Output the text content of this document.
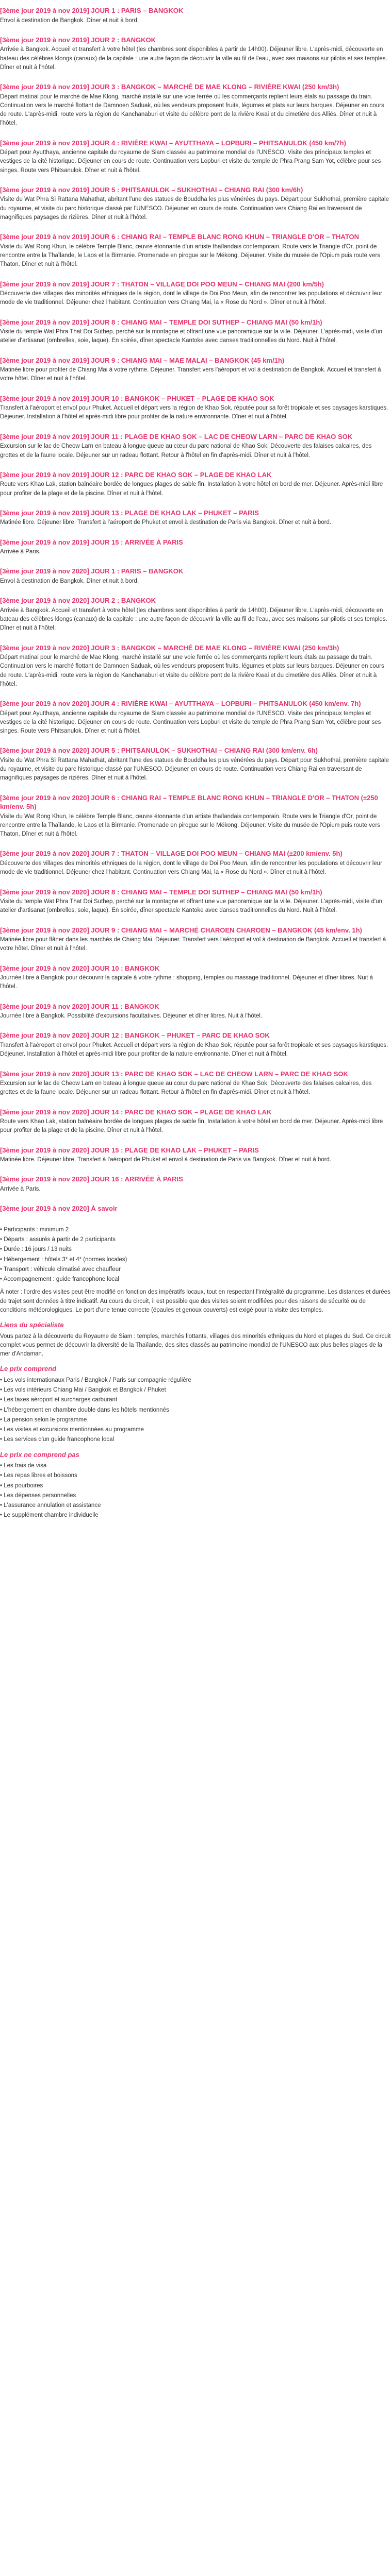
[3ème jour 2019 à nov 2019] JOUR 1 : PARIS – BANGKOK

Envol à destination de Bangkok. Dîner et nuit à bord.

[3ème jour 2019 à nov 2019] JOUR 2 : BANGKOK

Arrivée à Bangkok. Accueil et transfert à votre hôtel (les chambres sont disponibles à partir de 14h00). Déjeuner libre. L'après-midi, découverte en bateau des célèbres klongs (canaux) de la capitale : une autre façon de découvrir la ville au fil de l'eau, avec ses maisons sur pilotis et ses temples. Dîner et nuit à l'hôtel.

[3ème jour 2019 à nov 2019] JOUR 3 : BANGKOK – MARCHÉ DE MAE KLONG – RIVIÈRE KWAI (250 km/3h)

Départ matinal pour le marché de Mae Klong, marché installé sur une voie ferrée où les commerçants replient leurs étals au passage du train. Continuation vers le marché flottant de Damnoen Saduak, où les vendeurs proposent fruits, légumes et plats sur leurs barques. Déjeuner en cours de route. L'après-midi, route vers la région de Kanchanaburi et visite du célèbre pont de la rivière Kwai et du cimetière des Alliés. Dîner et nuit à l'hôtel.

[3ème jour 2019 à nov 2019] JOUR 4 : RIVIÈRE KWAI – AYUTTHAYA – LOPBURI – PHITSANULOK (450 km/7h)

Départ pour Ayutthaya, ancienne capitale du royaume de Siam classée au patrimoine mondial de l'UNESCO. Visite des principaux temples et vestiges de la cité historique. Déjeuner en cours de route. Continuation vers Lopburi et visite du temple de Phra Prang Sam Yot, célèbre pour ses singes. Route vers Phitsanulok. Dîner et nuit à l'hôtel.

[3ème jour 2019 à nov 2019] JOUR 5 : PHITSANULOK – SUKHOTHAI – CHIANG RAI (300 km/6h)

Visite du Wat Phra Si Rattana Mahathat, abritant l'une des statues de Bouddha les plus vénérées du pays. Départ pour Sukhothai, première capitale du royaume, et visite du parc historique classé par l'UNESCO. Déjeuner en cours de route. Continuation vers Chiang Rai en traversant de magnifiques paysages de rizières. Dîner et nuit à l'hôtel.

[3ème jour 2019 à nov 2019] JOUR 6 : CHIANG RAI – TEMPLE BLANC RONG KHUN – TRIANGLE D'OR – THATON

Visite du Wat Rong Khun, le célèbre Temple Blanc, œuvre étonnante d'un artiste thaïlandais contemporain. Route vers le Triangle d'Or, point de rencontre entre la Thaïlande, le Laos et la Birmanie. Promenade en pirogue sur le Mékong. Déjeuner. Visite du musée de l'Opium puis route vers Thaton. Dîner et nuit à l'hôtel.

[3ème jour 2019 à nov 2019] JOUR 7 : THATON – VILLAGE DOI POO MEUN – CHIANG MAI (200 km/5h)

Découverte des villages des minorités ethniques de la région, dont le village de Doi Poo Meun, afin de rencontrer les populations et découvrir leur mode de vie traditionnel. Déjeuner chez l'habitant. Continuation vers Chiang Mai, la « Rose du Nord ». Dîner et nuit à l'hôtel.

[3ème jour 2019 à nov 2019] JOUR 8 : CHIANG MAI – TEMPLE DOI SUTHEP – CHIANG MAI (50 km/1h)

Visite du temple Wat Phra That Doi Suthep, perché sur la montagne et offrant une vue panoramique sur la ville. Déjeuner. L'après-midi, visite d'un atelier d'artisanat (ombrelles, soie, laque). En soirée, dîner spectacle Kantoke avec danses traditionnelles du Nord. Nuit à l'hôtel.

[3ème jour 2019 à nov 2019] JOUR 9 : CHIANG MAI – MAE MALAI – BANGKOK (45 km/1h)

Matinée libre pour profiter de Chiang Mai à votre rythme. Déjeuner. Transfert vers l'aéroport et vol à destination de Bangkok. Accueil et transfert à votre hôtel. Dîner et nuit à l'hôtel.

[3ème jour 2019 à nov 2019] JOUR 10 : BANGKOK – PHUKET – PLAGE DE KHAO SOK

Transfert à l'aéroport et envol pour Phuket. Accueil et départ vers la région de Khao Sok, réputée pour sa forêt tropicale et ses paysages karstiques. Déjeuner. Installation à l'hôtel et après-midi libre pour profiter de la nature environnante. Dîner et nuit à l'hôtel.

[3ème jour 2019 à nov 2019] JOUR 11 : PLAGE DE KHAO SOK – LAC DE CHEOW LARN – PARC DE KHAO SOK

Excursion sur le lac de Cheow Larn en bateau à longue queue au cœur du parc national de Khao Sok. Découverte des falaises calcaires, des grottes et de la faune locale. Déjeuner sur un radeau flottant. Retour à l'hôtel en fin d'après-midi. Dîner et nuit à l'hôtel.

[3ème jour 2019 à nov 2019] JOUR 12 : PARC DE KHAO SOK – PLAGE DE KHAO LAK

Route vers Khao Lak, station balnéaire bordée de longues plages de sable fin. Installation à votre hôtel en bord de mer. Déjeuner. Après-midi libre pour profiter de la plage et de la piscine. Dîner et nuit à l'hôtel.

[3ème jour 2019 à nov 2019] JOUR 13 : PLAGE DE KHAO LAK – PHUKET – PARIS

Matinée libre. Déjeuner libre. Transfert à l'aéroport de Phuket et envol à destination de Paris via Bangkok. Dîner et nuit à bord.

[3ème jour 2019 à nov 2019] JOUR 15 : ARRIVÉE À PARIS

Arrivée à Paris.

[3ème jour 2019 à nov 2020] JOUR 1 : PARIS – BANGKOK

Envol à destination de Bangkok. Dîner et nuit à bord.

[3ème jour 2019 à nov 2020] JOUR 2 : BANGKOK

Arrivée à Bangkok. Accueil et transfert à votre hôtel (les chambres sont disponibles à partir de 14h00). Déjeuner libre. L'après-midi, découverte en bateau des célèbres klongs (canaux) de la capitale : une autre façon de découvrir la ville au fil de l'eau, avec ses maisons sur pilotis et ses temples. Dîner et nuit à l'hôtel.

[3ème jour 2019 à nov 2020] JOUR 3 : BANGKOK – MARCHÉ DE MAE KLONG – RIVIÈRE KWAI (250 km/3h)

Départ matinal pour le marché de Mae Klong, marché installé sur une voie ferrée où les commerçants replient leurs étals au passage du train. Continuation vers le marché flottant de Damnoen Saduak, où les vendeurs proposent fruits, légumes et plats sur leurs barques. Déjeuner en cours de route. L'après-midi, route vers la région de Kanchanaburi et visite du célèbre pont de la rivière Kwai et du cimetière des Alliés. Dîner et nuit à l'hôtel.

[3ème jour 2019 à nov 2020] JOUR 4 : RIVIÈRE KWAI – AYUTTHAYA – LOPBURI – PHITSANULOK (450 km/env. 7h)

Départ pour Ayutthaya, ancienne capitale du royaume de Siam classée au patrimoine mondial de l'UNESCO. Visite des principaux temples et vestiges de la cité historique. Déjeuner en cours de route. Continuation vers Lopburi et visite du temple de Phra Prang Sam Yot, célèbre pour ses singes. Route vers Phitsanulok. Dîner et nuit à l'hôtel.

[3ème jour 2019 à nov 2020] JOUR 5 : PHITSANULOK – SUKHOTHAI – CHIANG RAI (300 km/env. 6h)

Visite du Wat Phra Si Rattana Mahathat, abritant l'une des statues de Bouddha les plus vénérées du pays. Départ pour Sukhothai, première capitale du royaume, et visite du parc historique classé par l'UNESCO. Déjeuner en cours de route. Continuation vers Chiang Rai en traversant de magnifiques paysages de rizières. Dîner et nuit à l'hôtel.

[3ème jour 2019 à nov 2020] JOUR 6 : CHIANG RAI – TEMPLE BLANC RONG KHUN – TRIANGLE D'OR – THATON (±250 km/env. 5h)

Visite du Wat Rong Khun, le célèbre Temple Blanc, œuvre étonnante d'un artiste thaïlandais contemporain. Route vers le Triangle d'Or, point de rencontre entre la Thaïlande, le Laos et la Birmanie. Promenade en pirogue sur le Mékong. Déjeuner. Visite du musée de l'Opium puis route vers Thaton. Dîner et nuit à l'hôtel.

[3ème jour 2019 à nov 2020] JOUR 7 : THATON – VILLAGE DOI POO MEUN – CHIANG MAI (±200 km/env. 5h)

Découverte des villages des minorités ethniques de la région, dont le village de Doi Poo Meun, afin de rencontrer les populations et découvrir leur mode de vie traditionnel. Déjeuner chez l'habitant. Continuation vers Chiang Mai, la « Rose du Nord ». Dîner et nuit à l'hôtel.

[3ème jour 2019 à nov 2020] JOUR 8 : CHIANG MAI – TEMPLE DOI SUTHEP – CHIANG MAI (50 km/1h)

Visite du temple Wat Phra That Doi Suthep, perché sur la montagne et offrant une vue panoramique sur la ville. Déjeuner. L'après-midi, visite d'un atelier d'artisanat (ombrelles, soie, laque). En soirée, dîner spectacle Kantoke avec danses traditionnelles du Nord. Nuit à l'hôtel.

[3ème jour 2019 à nov 2020] JOUR 9 : CHIANG MAI – MARCHÉ CHAROEN CHAROEN – BANGKOK (45 km/env. 1h)

Matinée libre pour flâner dans les marchés de Chiang Mai. Déjeuner. Transfert vers l'aéroport et vol à destination de Bangkok. Accueil et transfert à votre hôtel. Dîner et nuit à l'hôtel.

[3ème jour 2019 à nov 2020] JOUR 10 : BANGKOK

Journée libre à Bangkok pour découvrir la capitale à votre rythme : shopping, temples ou massage traditionnel. Déjeuner et dîner libres. Nuit à l'hôtel.

[3ème jour 2019 à nov 2020] JOUR 11 : BANGKOK

Journée libre à Bangkok. Possibilité d'excursions facultatives. Déjeuner et dîner libres. Nuit à l'hôtel.

[3ème jour 2019 à nov 2020] JOUR 12 : BANGKOK – PHUKET – PARC DE KHAO SOK

Transfert à l'aéroport et envol pour Phuket. Accueil et départ vers la région de Khao Sok, réputée pour sa forêt tropicale et ses paysages karstiques. Déjeuner. Installation à l'hôtel et après-midi libre pour profiter de la nature environnante. Dîner et nuit à l'hôtel.

[3ème jour 2019 à nov 2020] JOUR 13 : PARC DE KHAO SOK – LAC DE CHEOW LARN – PARC DE KHAO SOK

Excursion sur le lac de Cheow Larn en bateau à longue queue au cœur du parc national de Khao Sok. Découverte des falaises calcaires, des grottes et de la faune locale. Déjeuner sur un radeau flottant. Retour à l'hôtel en fin d'après-midi. Dîner et nuit à l'hôtel.

[3ème jour 2019 à nov 2020] JOUR 14 : PARC DE KHAO SOK – PLAGE DE KHAO LAK

Route vers Khao Lak, station balnéaire bordée de longues plages de sable fin. Installation à votre hôtel en bord de mer. Déjeuner. Après-midi libre pour profiter de la plage et de la piscine. Dîner et nuit à l'hôtel.

[3ème jour 2019 à nov 2020] JOUR 15 : PLAGE DE KHAO LAK – PHUKET – PARIS

Matinée libre. Déjeuner libre. Transfert à l'aéroport de Phuket et envol à destination de Paris via Bangkok. Dîner et nuit à bord.

[3ème jour 2019 à nov 2020] JOUR 16 : ARRIVÉE À PARIS

Arrivée à Paris.

[3ème jour 2019 à nov 2020] À savoir

• Participants : minimum 2
• Départs : assurés à partir de 2 participants
• Durée : 16 jours / 13 nuits
• Hébergement : hôtels 3* et 4* (normes locales)
• Transport : véhicule climatisé avec chauffeur
• Accompagnement : guide francophone local

À noter : l'ordre des visites peut être modifié en fonction des impératifs locaux, tout en respectant l'intégralité du programme. Les distances et durées de trajet sont données à titre indicatif. Au cours du circuit, il est possible que des visites soient modifiées pour des raisons de sécurité ou de conditions météorologiques. Le port d'une tenue correcte (épaules et genoux couverts) est exigé pour la visite des temples.

Liens du spécialiste

Vous partez à la découverte du Royaume de Siam : temples, marchés flottants, villages des minorités ethniques du Nord et plages du Sud. Ce circuit complet vous permet de découvrir la diversité de la Thaïlande, des sites classés au patrimoine mondial de l'UNESCO aux plus belles plages de la mer d'Andaman.

Le prix comprend
• Les vols internationaux Paris / Bangkok / Paris sur compagnie régulière
• Les vols intérieurs Chiang Mai / Bangkok et Bangkok / Phuket
• Les taxes aéroport et surcharges carburant
• L'hébergement en chambre double dans les hôtels mentionnés
• La pension selon le programme
• Les visites et excursions mentionnées au programme
• Les services d'un guide francophone local
Le prix ne comprend pas
• Les frais de visa
• Les repas libres et boissons
• Les pourboires
• Les dépenses personnelles
• L'assurance annulation et assistance
• Le supplément chambre individuelle
